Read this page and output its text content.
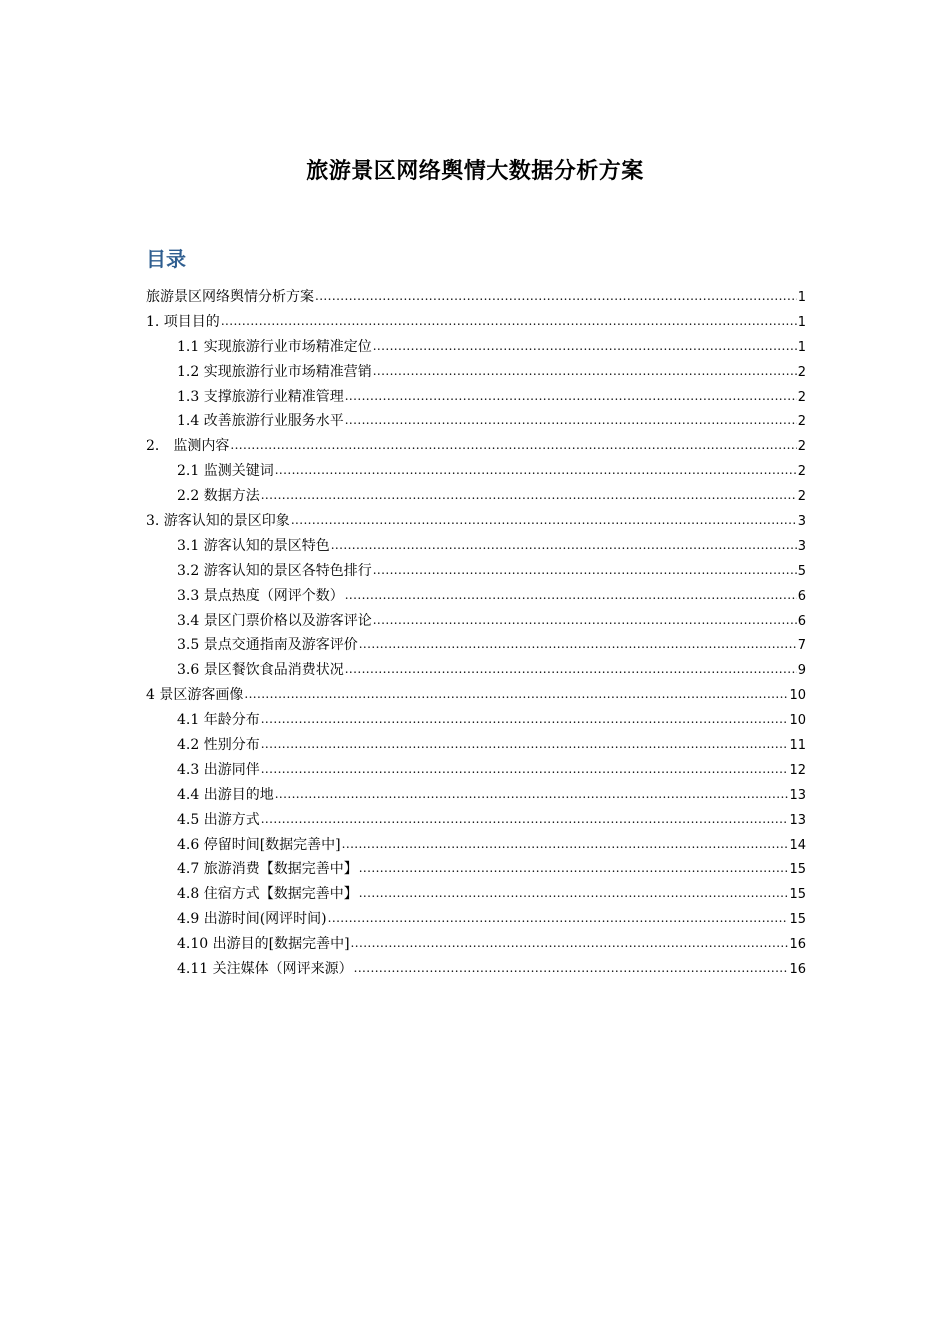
旅游景区网络舆情大数据分析方案
目录
旅游景区网络舆情分析方案 .....	1
1. 项目目的 .....	1
1.1 实现旅游行业市场精准定位 .....	1
1.2 实现旅游行业市场精准营销 .....	2
1.3 支撑旅游行业精准管理 .....	2
1.4 改善旅游行业服务水平 .....	2
2． 监测内容 .....	2
2.1 监测关键词 .....	2
2.2 数据方法 .....	2
3. 游客认知的景区印象 .....	3
3.1 游客认知的景区特色 .....	3
3.2 游客认知的景区各特色排行 .....	5
3.3 景点热度（网评个数） .....	6
3.4 景区门票价格以及游客评论 .....	6
3.5 景点交通指南及游客评价 .....	7
3.6 景区餐饮食品消费状况 .....	9
4 景区游客画像 .....	10
4.1 年龄分布 .....	10
4.2 性别分布 .....	11
4.3 出游同伴 .....	12
4.4 出游目的地 .....	13
4.5 出游方式 .....	13
4.6 停留时间[数据完善中] .....	14
4.7 旅游消费【数据完善中】 .....	15
4.8 住宿方式【数据完善中】 .....	15
4.9 出游时间(网评时间) .....	15
4.10 出游目的[数据完善中] .....	16
4.11 关注媒体（网评来源） .....	16
